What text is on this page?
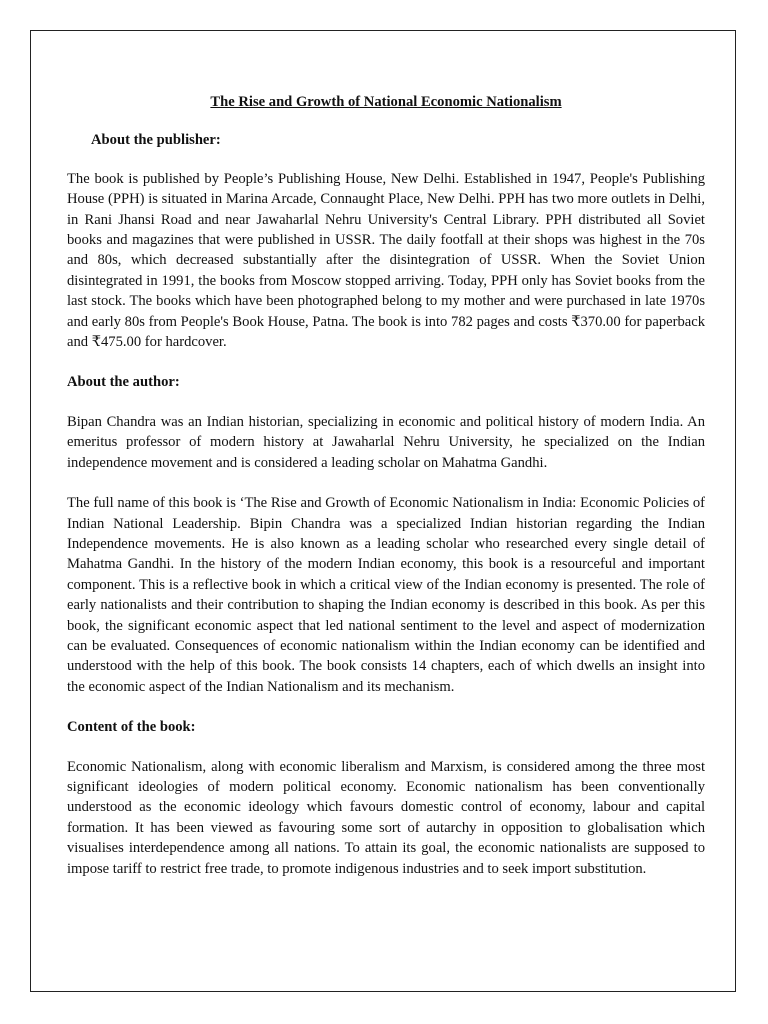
The Rise and Growth of National Economic Nationalism

About the publisher:

The book is published by People’s Publishing House, New Delhi. Established in 1947, People's Publishing House (PPH) is situated in Marina Arcade, Connaught Place, New Delhi. PPH has two more outlets in Delhi, in Rani Jhansi Road and near Jawaharlal Nehru University's Central Library. PPH distributed all Soviet books and magazines that were published in USSR. The daily footfall at their shops was highest in the 70s and 80s, which decreased substantially after the disintegration of USSR. When the Soviet Union disintegrated in 1991, the books from Moscow stopped arriving. Today, PPH only has Soviet books from the last stock. The books which have been photographed belong to my mother and were purchased in late 1970s and early 80s from People's Book House, Patna. The book is into 782 pages and costs ₹370.00 for paperback and ₹475.00 for hardcover.

About the author:

Bipan Chandra was an Indian historian, specializing in economic and political history of modern India. An emeritus professor of modern history at Jawaharlal Nehru University, he specialized on the Indian independence movement and is considered a leading scholar on Mahatma Gandhi.

The full name of this book is ‘The Rise and Growth of Economic Nationalism in India: Economic Policies of Indian National Leadership. Bipin Chandra was a specialized Indian historian regarding the Indian Independence movements. He is also known as a leading scholar who researched every single detail of Mahatma Gandhi. In the history of the modern Indian economy, this book is a resourceful and important component. This is a reflective book in which a critical view of the Indian economy is presented. The role of early nationalists and their contribution to shaping the Indian economy is described in this book. As per this book, the significant economic aspect that led national sentiment to the level and aspect of modernization can be evaluated. Consequences of economic nationalism within the Indian economy can be identified and understood with the help of this book. The book consists 14 chapters, each of which dwells an insight into the economic aspect of the Indian Nationalism and its mechanism.

Content of the book:

Economic Nationalism, along with economic liberalism and Marxism, is considered among the three most significant ideologies of modern political economy. Economic nationalism has been conventionally understood as the economic ideology which favours domestic control of economy, labour and capital formation. It has been viewed as favouring some sort of autarchy in opposition to globalisation which visualises interdependence among all nations. To attain its goal, the economic nationalists are supposed to impose tariff to restrict free trade, to promote indigenous industries and to seek import substitution.
